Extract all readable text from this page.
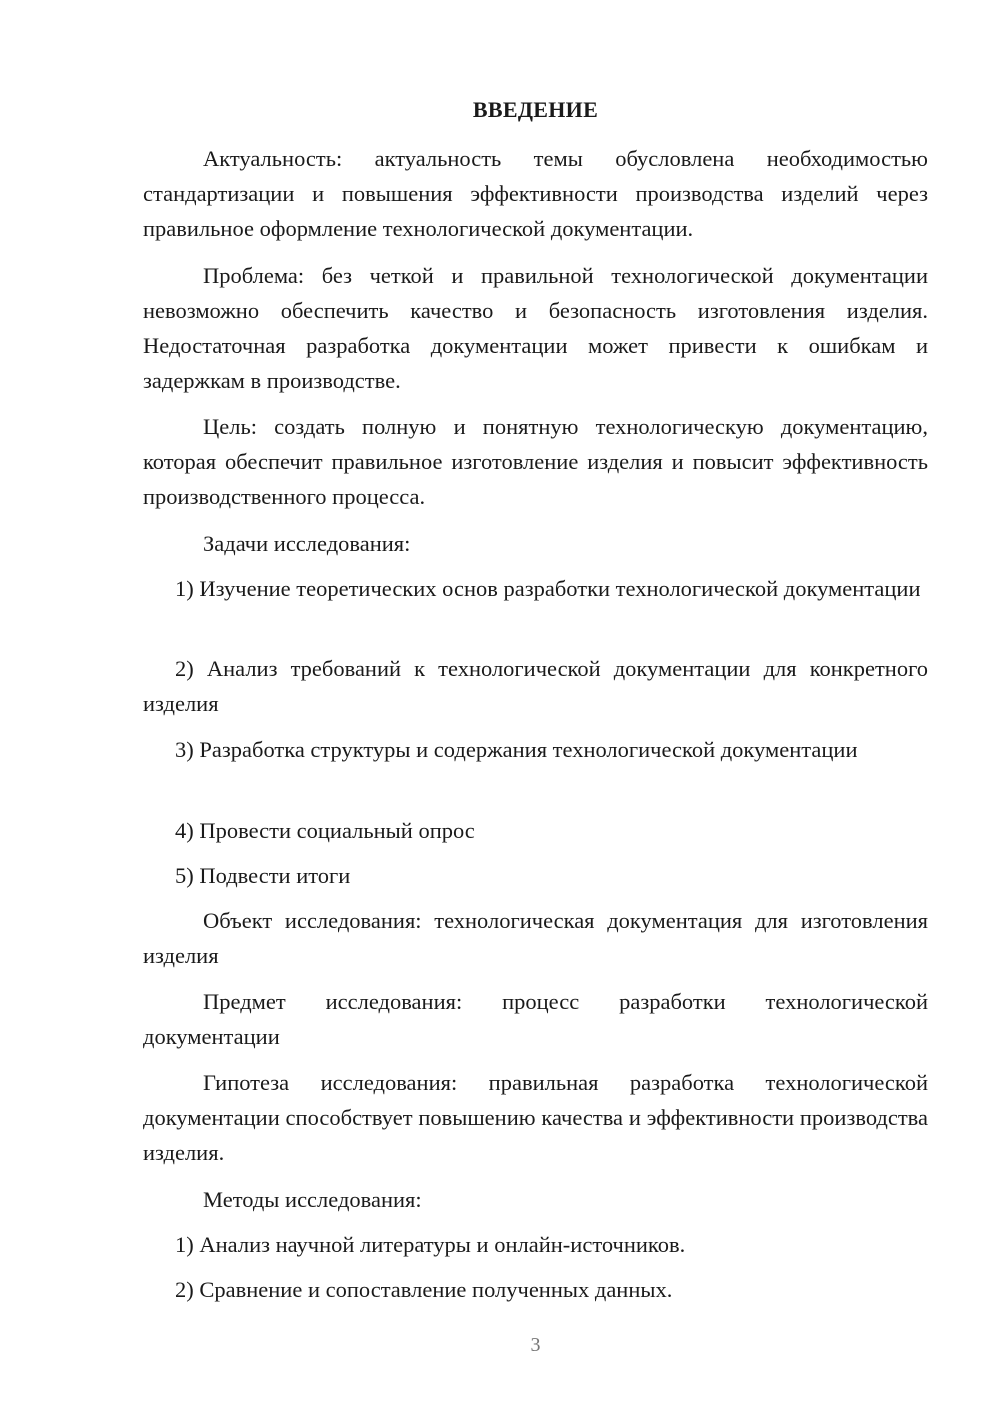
ВВЕДЕНИЕ

Актуальность: актуальность темы обусловлена необходимостью стандартизации и повышения эффективности производства изделий через правильное оформление технологической документации.

Проблема: без четкой и правильной технологической документации невозможно обеспечить качество и безопасность изготовления изделия. Недостаточная разработка документации может привести к ошибкам и задержкам в производстве.

Цель: создать полную и понятную технологическую документацию, которая обеспечит правильное изготовление изделия и повысит эффективность производственного процесса.

Задачи исследования:

1) Изучение теоретических основ разработки технологической документации

2) Анализ требований к технологической документации для конкретного изделия

3) Разработка структуры и содержания технологической документации

4) Провести социальный опрос

5) Подвести итоги

Объект исследования: технологическая документация для изготовления изделия

Предмет исследования: процесс разработки технологической документации

Гипотеза исследования: правильная разработка технологической документации способствует повышению качества и эффективности производства изделия.

Методы исследования:

1) Анализ научной литературы и онлайн-источников.

2) Сравнение и сопоставление полученных данных.

3
